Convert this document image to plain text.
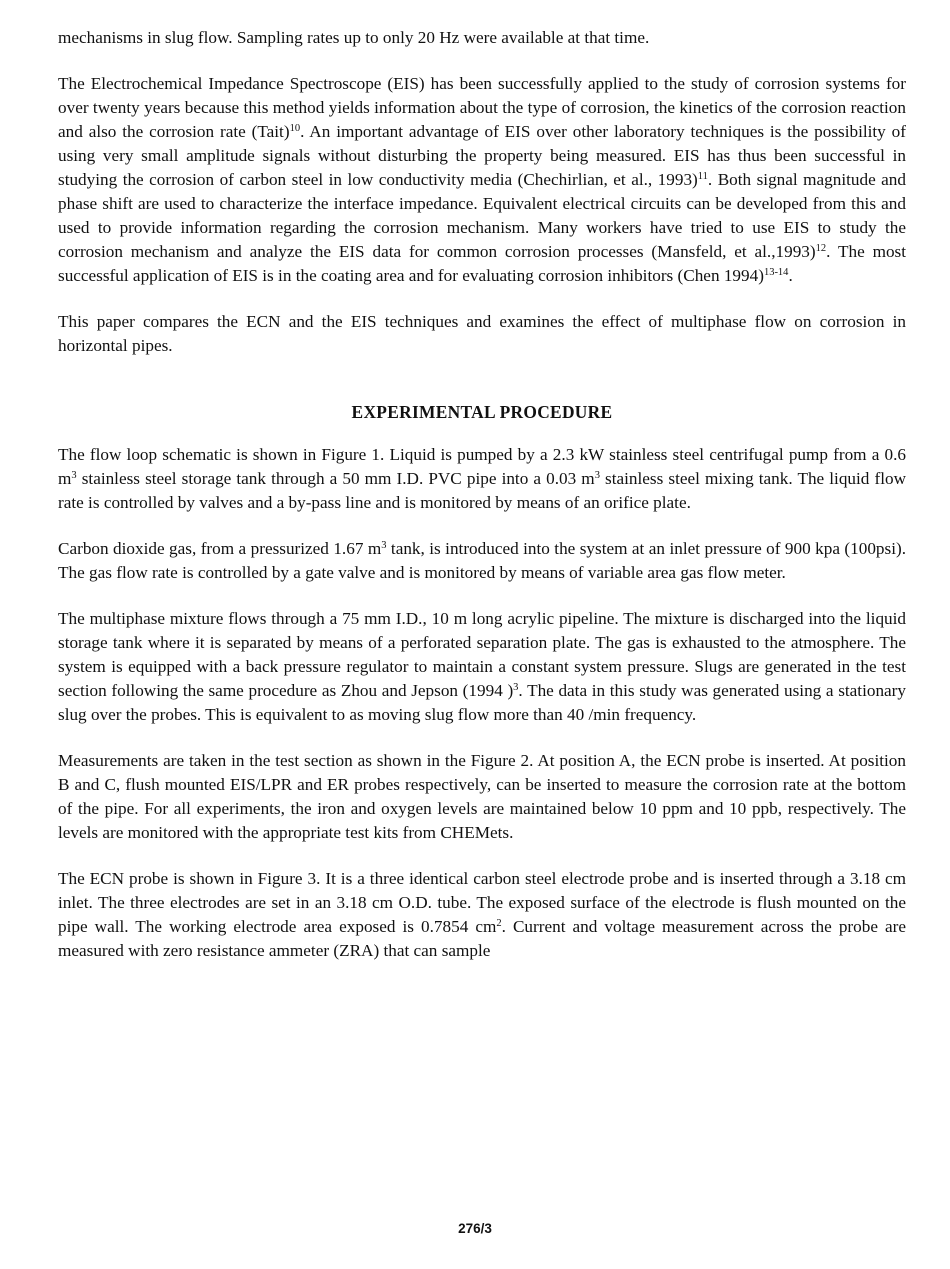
mechanisms in slug flow. Sampling rates up to only 20 Hz were available at that time.

The Electrochemical Impedance Spectroscope (EIS) has been successfully applied to the study of corrosion systems for over twenty years because this method yields information about the type of corrosion, the kinetics of the corrosion reaction and also the corrosion rate (Tait)$^{10}$. An important advantage of EIS over other laboratory techniques is the possibility of using very small amplitude signals without disturbing the property being measured. EIS has thus been successful in studying the corrosion of carbon steel in low conductivity media (Chechirlian, et al., 1993)$^{11}$. Both signal magnitude and phase shift are used to characterize the interface impedance. Equivalent electrical circuits can be developed from this and used to provide information regarding the corrosion mechanism. Many workers have tried to use EIS to study the corrosion mechanism and analyze the EIS data for common corrosion processes (Mansfeld, et al.,1993)$^{12}$. The most successful application of EIS is in the coating area and for evaluating corrosion inhibitors (Chen 1994)$^{13-14}$.

This paper compares the ECN and the EIS techniques and examines the effect of multiphase flow on corrosion in horizontal pipes.

EXPERIMENTAL PROCEDURE

The flow loop schematic is shown in Figure 1. Liquid is pumped by a 2.3 kW stainless steel centrifugal pump from a 0.6 $m^3$ stainless steel storage tank through a 50 mm I.D. PVC pipe into a 0.03 $m^3$ stainless steel mixing tank. The liquid flow rate is controlled by valves and a by-pass line and is monitored by means of an orifice plate.

Carbon dioxide gas, from a pressurized 1.67 $m^3$ tank, is introduced into the system at an inlet pressure of 900 kpa (100psi). The gas flow rate is controlled by a gate valve and is monitored by means of variable area gas flow meter.

The multiphase mixture flows through a 75 mm I.D., 10 m long acrylic pipeline. The mixture is discharged into the liquid storage tank where it is separated by means of a perforated separation plate. The gas is exhausted to the atmosphere. The system is equipped with a back pressure regulator to maintain a constant system pressure. Slugs are generated in the test section following the same procedure as Zhou and Jepson (1994 )$^3$. The data in this study was generated using a stationary slug over the probes. This is equivalent to as moving slug flow more than 40 /min frequency.

Measurements are taken in the test section as shown in the Figure 2. At position A, the ECN probe is inserted. At position B and C, flush mounted EIS/LPR and ER probes respectively, can be inserted to measure the corrosion rate at the bottom of the pipe. For all experiments, the iron and oxygen levels are maintained below 10 ppm and 10 ppb, respectively. The levels are monitored with the appropriate test kits from CHEMets.

The ECN probe is shown in Figure 3. It is a three identical carbon steel electrode probe and is inserted through a 3.18 cm inlet. The three electrodes are set in an 3.18 cm O.D. tube. The exposed surface of the electrode is flush mounted on the pipe wall. The working electrode area exposed is 0.7854 $cm^2$. Current and voltage measurement across the probe are measured with zero resistance ammeter (ZRA) that can sample

276/3
